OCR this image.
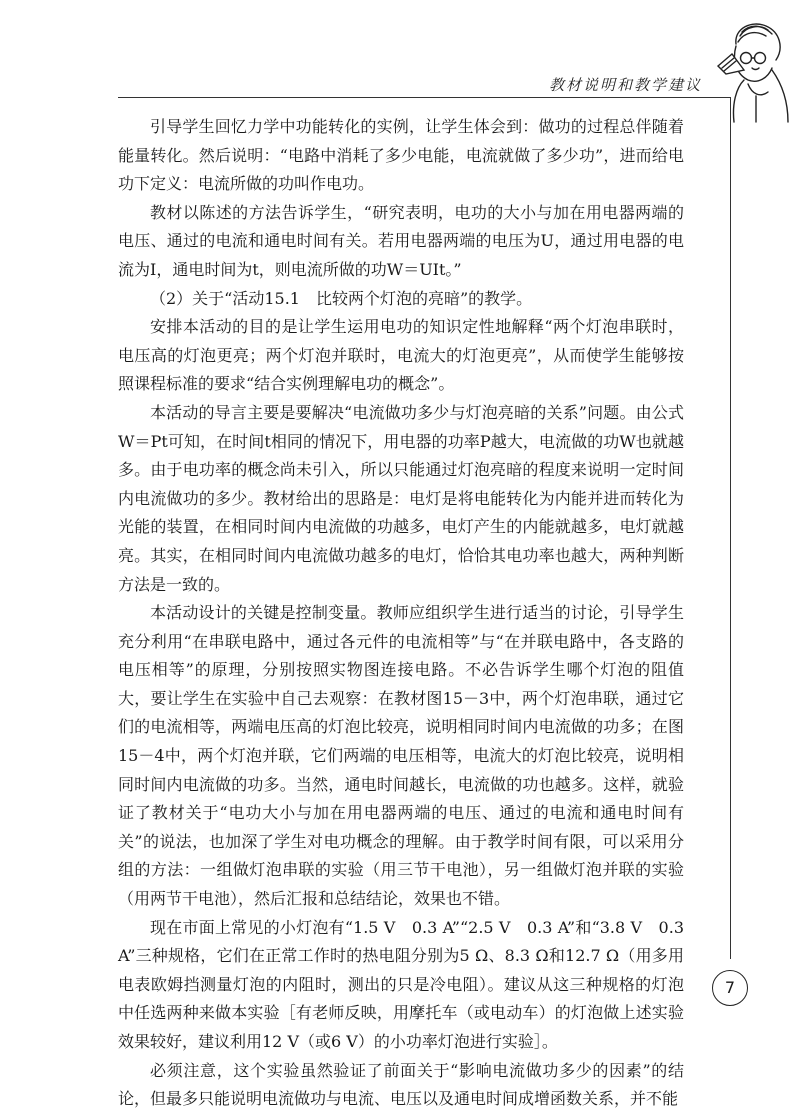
教材说明和教学建议

引导学生回忆力学中功能转化的实例，让学生体会到：做功的过程总伴随着能量转化。然后说明：“电路中消耗了多少电能，电流就做了多少功”，进而给电功下定义：电流所做的功叫作电功。

教材以陈述的方法告诉学生，“研究表明，电功的大小与加在用电器两端的电压、通过的电流和通电时间有关。若用电器两端的电压为U，通过用电器的电流为I，通电时间为t，则电流所做的功W＝UIt。”

（2）关于“活动15.1　比较两个灯泡的亮暗”的教学。

安排本活动的目的是让学生运用电功的知识定性地解释“两个灯泡串联时，电压高的灯泡更亮；两个灯泡并联时，电流大的灯泡更亮”，从而使学生能够按照课程标准的要求“结合实例理解电功的概念”。

本活动的导言主要是要解决“电流做功多少与灯泡亮暗的关系”问题。由公式W＝Pt可知，在时间t相同的情况下，用电器的功率P越大，电流做的功W也就越多。由于电功率的概念尚未引入，所以只能通过灯泡亮暗的程度来说明一定时间内电流做功的多少。教材给出的思路是：电灯是将电能转化为内能并进而转化为光能的装置，在相同时间内电流做的功越多，电灯产生的内能就越多，电灯就越亮。其实，在相同时间内电流做功越多的电灯，恰恰其电功率也越大，两种判断方法是一致的。

本活动设计的关键是控制变量。教师应组织学生进行适当的讨论，引导学生充分利用“在串联电路中，通过各元件的电流相等”与“在并联电路中，各支路的电压相等”的原理，分别按照实物图连接电路。不必告诉学生哪个灯泡的阻值大，要让学生在实验中自己去观察：在教材图15－3中，两个灯泡串联，通过它们的电流相等，两端电压高的灯泡比较亮，说明相同时间内电流做的功多；在图15－4中，两个灯泡并联，它们两端的电压相等，电流大的灯泡比较亮，说明相同时间内电流做的功多。当然，通电时间越长，电流做的功也越多。这样，就验证了教材关于“电功大小与加在用电器两端的电压、通过的电流和通电时间有关”的说法，也加深了学生对电功概念的理解。由于教学时间有限，可以采用分组的方法：一组做灯泡串联的实验（用三节干电池），另一组做灯泡并联的实验（用两节干电池），然后汇报和总结结论，效果也不错。

现在市面上常见的小灯泡有“1.5 V　0.3 A”“2.5 V　0.3 A”和“3.8 V　0.3 A”三种规格，它们在正常工作时的热电阻分别为5 Ω、8.3 Ω和12.7 Ω（用多用电表欧姆挡测量灯泡的内阻时，测出的只是冷电阻）。建议从这三种规格的灯泡中任选两种来做本实验［有老师反映，用摩托车（或电动车）的灯泡做上述实验效果较好，建议利用12 V（或6 V）的小功率灯泡进行实验］。

必须注意，这个实验虽然验证了前面关于“影响电流做功多少的因素”的结论，但最多只能说明电流做功与电流、电压以及通电时间成增函数关系，并不能

7
